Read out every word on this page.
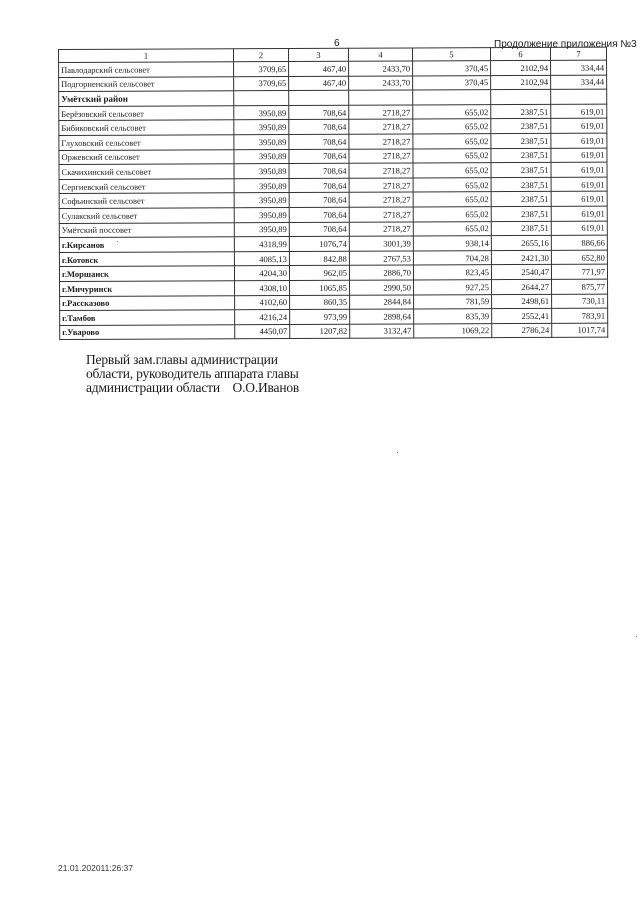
6	Продолжение приложения №3
1	2	3	4	5	6	7
Павлодарский сельсовет	3709,65	467,40	2433,70	370,45	2102,94	334,44
Подгорненский сельсовет	3709,65	467,40	2433,70	370,45	2102,94	334,44
Умётский район						
Берёзовский сельсовет	3950,89	708,64	2718,27	655,02	2387,51	619,01
Бибиковский сельсовет	3950,89	708,64	2718,27	655,02	2387,51	619,01
Глуховский сельсовет	3950,89	708,64	2718,27	655,02	2387,51	619,01
Оржевский сельсовет	3950,89	708,64	2718,27	655,02	2387,51	619,01
Скачихинский сельсовет	3950,89	708,64	2718,27	655,02	2387,51	619,01
Сергиевский сельсовет	3950,89	708,64	2718,27	655,02	2387,51	619,01
Софьинский сельсовет	3950,89	708,64	2718,27	655,02	2387,51	619,01
Сулакский сельсовет	3950,89	708,64	2718,27	655,02	2387,51	619,01
Умётский поссовет	3950,89	708,64	2718,27	655,02	2387,51	619,01
г.Кирсанов	4318,99	1076,74	3001,39	938,14	2655,16	886,66
г.Котовск	4085,13	842,88	2767,53	704,28	2421,30	652,80
г.Моршанск	4204,30	962,05	2886,70	823,45	2540,47	771,97
г.Мичуринск	4308,10	1065,85	2990,50	927,25	2644,27	875,77
г.Рассказово	4102,60	860,35	2844,84	781,59	2498,61	730,11
г.Тамбов	4216,24	973,99	2898,64	835,39	2552,41	783,91
г.Уварово	4450,07	1207,82	3132,47	1069,22	2786,24	1017,74
Первый зам.главы администрации
области, руководитель аппарата главы
администрации области    О.О.Иванов
21.01.202011:26:37
